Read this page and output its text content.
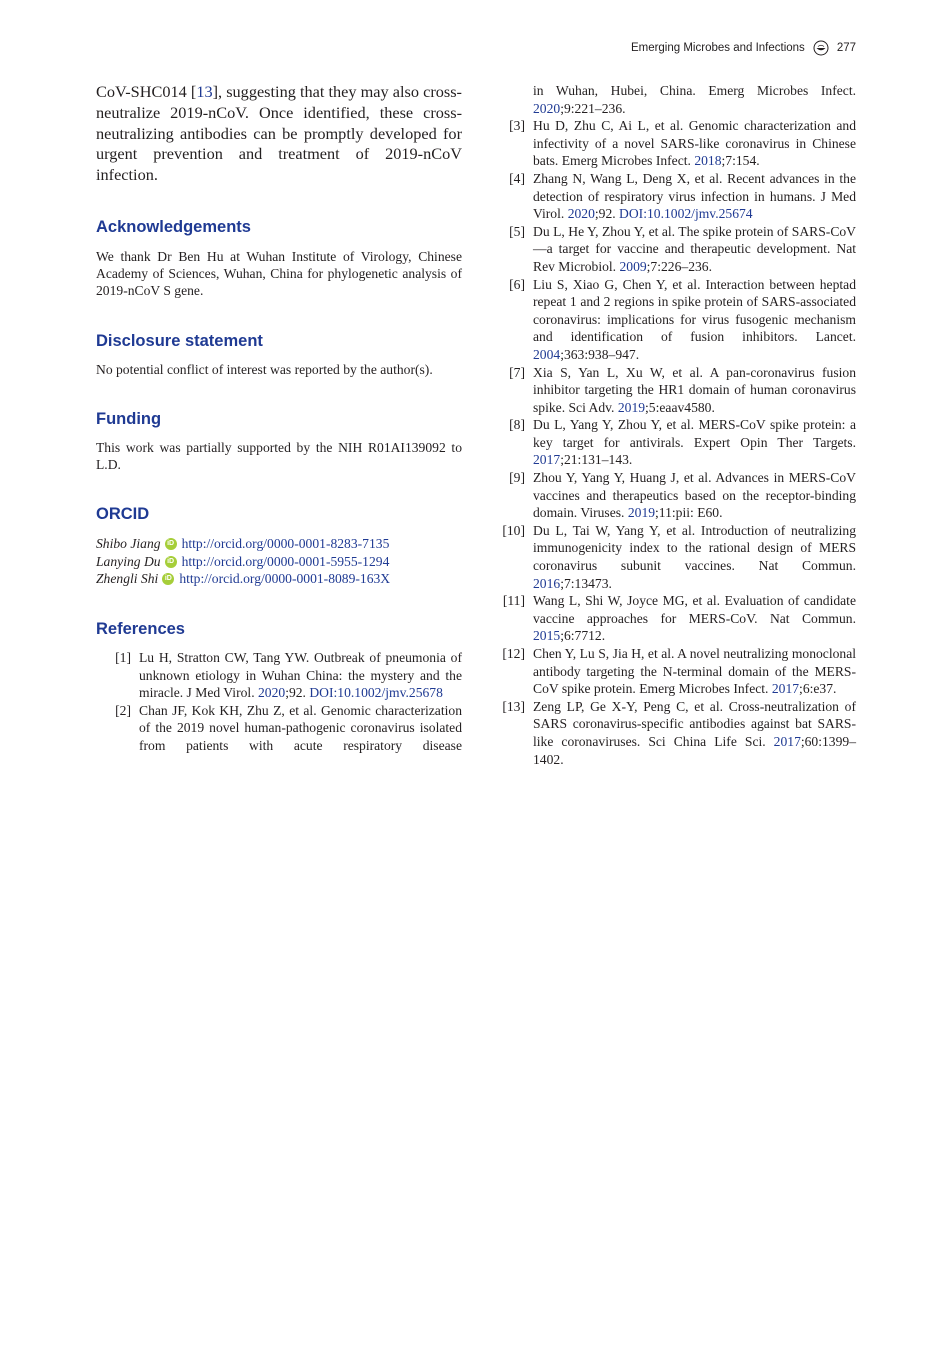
Emerging Microbes and Infections	277

CoV-SHC014 [13], suggesting that they may also cross-neutralize 2019-nCoV. Once identified, these cross-neutralizing antibodies can be promptly developed for urgent prevention and treatment of 2019-nCoV infection.

Acknowledgements

We thank Dr Ben Hu at Wuhan Institute of Virology, Chinese Academy of Sciences, Wuhan, China for phylogenetic analysis of 2019-nCoV S gene.

Disclosure statement

No potential conflict of interest was reported by the author(s).

Funding

This work was partially supported by the NIH R01AI139092 to L.D.

ORCID
Shibo Jiang iD http://orcid.org/0000-0001-8283-7135
Lanying Du iD http://orcid.org/0000-0001-5955-1294
Zhengli Shi iD http://orcid.org/0000-0001-8089-163X
References
[1] Lu H, Stratton CW, Tang YW. Outbreak of pneumonia of unknown etiology in Wuhan China: the mystery and the miracle. J Med Virol. 2020;92. DOI:10.1002/jmv.25678
[2] Chan JF, Kok KH, Zhu Z, et al. Genomic characterization of the 2019 novel human-pathogenic coronavirus isolated from patients with acute respiratory disease
in Wuhan, Hubei, China. Emerg Microbes Infect. 2020;9:221–236.
[3] Hu D, Zhu C, Ai L, et al. Genomic characterization and infectivity of a novel SARS-like coronavirus in Chinese bats. Emerg Microbes Infect. 2018;7:154.
[4] Zhang N, Wang L, Deng X, et al. Recent advances in the detection of respiratory virus infection in humans. J Med Virol. 2020;92. DOI:10.1002/jmv.25674
[5] Du L, He Y, Zhou Y, et al. The spike protein of SARS-CoV—a target for vaccine and therapeutic development. Nat Rev Microbiol. 2009;7:226–236.
[6] Liu S, Xiao G, Chen Y, et al. Interaction between heptad repeat 1 and 2 regions in spike protein of SARS-associated coronavirus: implications for virus fusogenic mechanism and identification of fusion inhibitors. Lancet. 2004;363:938–947.
[7] Xia S, Yan L, Xu W, et al. A pan-coronavirus fusion inhibitor targeting the HR1 domain of human coronavirus spike. Sci Adv. 2019;5:eaav4580.
[8] Du L, Yang Y, Zhou Y, et al. MERS-CoV spike protein: a key target for antivirals. Expert Opin Ther Targets. 2017;21:131–143.
[9] Zhou Y, Yang Y, Huang J, et al. Advances in MERS-CoV vaccines and therapeutics based on the receptor-binding domain. Viruses. 2019;11:pii: E60.
[10] Du L, Tai W, Yang Y, et al. Introduction of neutralizing immunogenicity index to the rational design of MERS coronavirus subunit vaccines. Nat Commun. 2016;7:13473.
[11] Wang L, Shi W, Joyce MG, et al. Evaluation of candidate vaccine approaches for MERS-CoV. Nat Commun. 2015;6:7712.
[12] Chen Y, Lu S, Jia H, et al. A novel neutralizing monoclonal antibody targeting the N-terminal domain of the MERS-CoV spike protein. Emerg Microbes Infect. 2017;6:e37.
[13] Zeng LP, Ge X-Y, Peng C, et al. Cross-neutralization of SARS coronavirus-specific antibodies against bat SARS-like coronaviruses. Sci China Life Sci. 2017;60:1399–1402.
